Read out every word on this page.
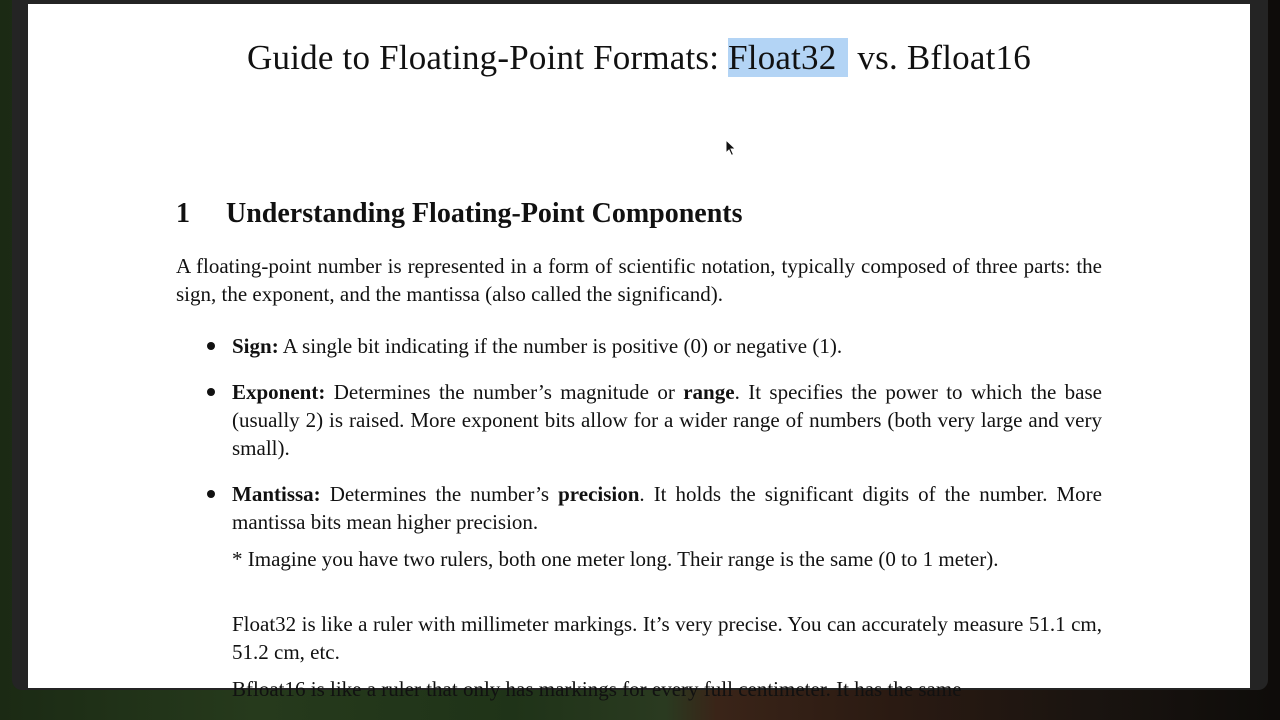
Guide to Floating-Point Formats: Float32 vs. Bfloat16
1 Understanding Floating-Point Components
A floating-point number is represented in a form of scientific notation, typically composed of three parts: the sign, the exponent, and the mantissa (also called the significand).
Sign: A single bit indicating if the number is positive (0) or negative (1).
Exponent: Determines the number’s magnitude or range. It specifies the power to which the base (usually 2) is raised. More exponent bits allow for a wider range of numbers (both very large and very small).
Mantissa: Determines the number’s precision. It holds the significant digits of the number. More mantissa bits mean higher precision.
* Imagine you have two rulers, both one meter long. Their range is the same (0 to 1 meter).
Float32 is like a ruler with millimeter markings. It’s very precise. You can accurately measure 51.1 cm, 51.2 cm, etc.
Bfloat16 is like a ruler that only has markings for every full centimeter. It has the same
